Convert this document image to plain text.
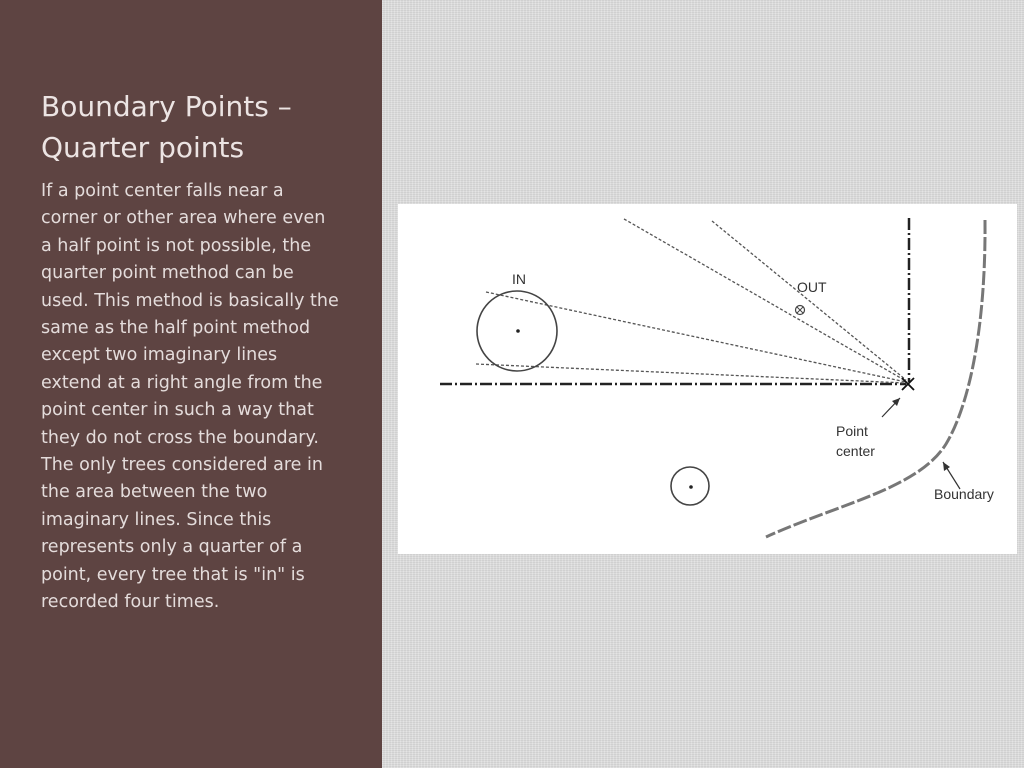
Boundary Points – Quarter points

If a point center falls near a corner or other area where even a half point is not possible, the quarter point method can be used. This method is basically the same as the half point method except two imaginary lines extend at a right angle from the point center in such a way that they do not cross the boundary. The only trees considered are in the area between the two imaginary lines. Since this represents only a quarter of a point, every tree that is "in" is recorded four times.

IN	OUT
Point
center
Boundary
